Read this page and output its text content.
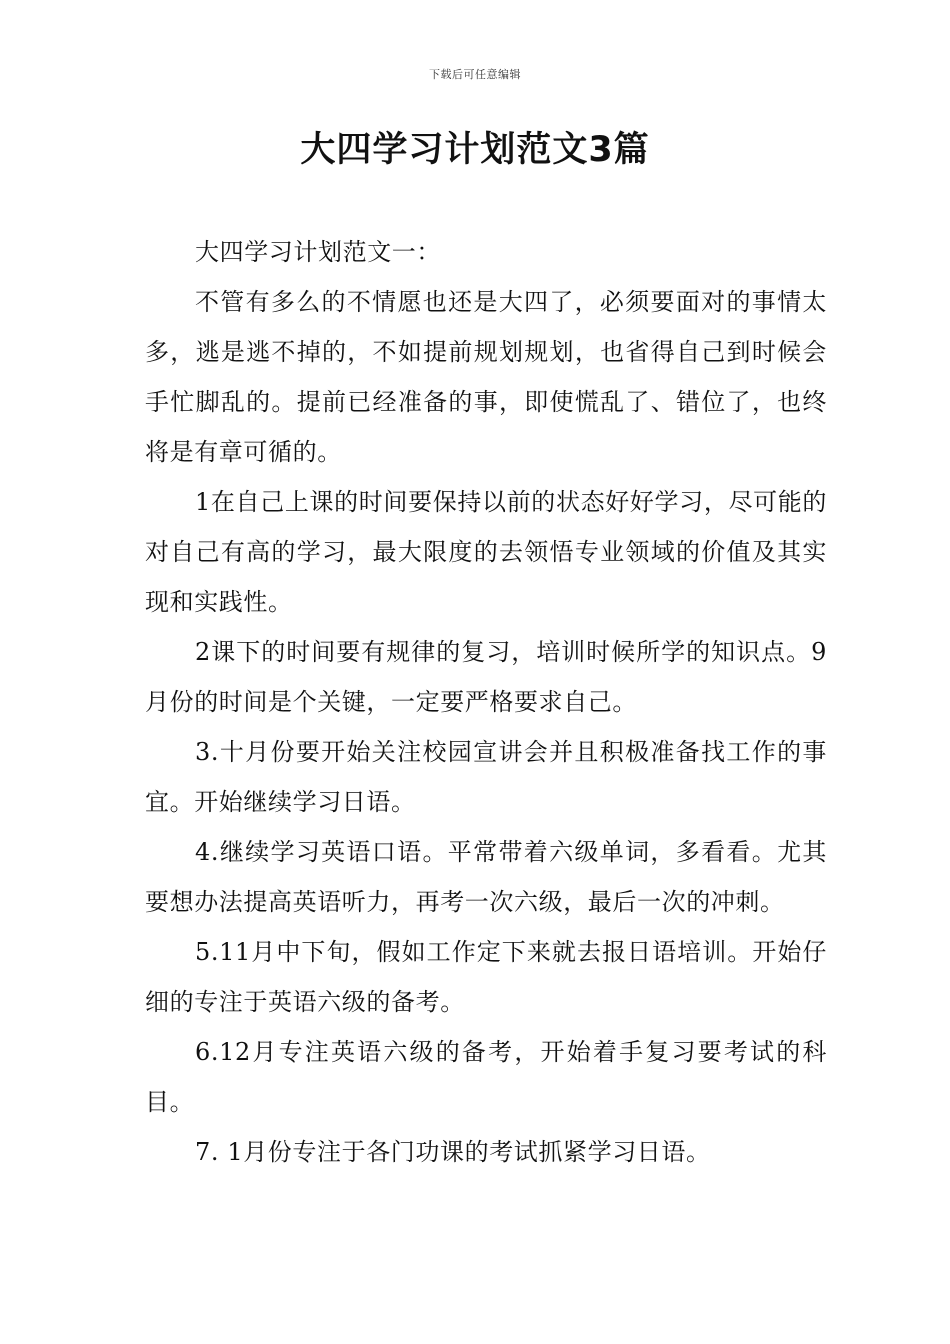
下载后可任意编辑
大四学习计划范文3篇

大四学习计划范文一：

不管有多么的不情愿也还是大四了，必须要面对的事情太多，逃是逃不掉的，不如提前规划规划，也省得自己到时候会手忙脚乱的。提前已经准备的事，即使慌乱了、错位了，也终将是有章可循的。

1在自己上课的时间要保持以前的状态好好学习，尽可能的对自己有高的学习，最大限度的去领悟专业领域的价值及其实现和实践性。

2课下的时间要有规律的复习，培训时候所学的知识点。9月份的时间是个关键，一定要严格要求自己。

3.十月份要开始关注校园宣讲会并且积极准备找工作的事宜。开始继续学习日语。

4.继续学习英语口语。平常带着六级单词，多看看。尤其要想办法提高英语听力，再考一次六级，最后一次的冲刺。

5.11月中下旬，假如工作定下来就去报日语培训。开始仔细的专注于英语六级的备考。

6.12月专注英语六级的备考，开始着手复习要考试的科目。

7. 1月份专注于各门功课的考试抓紧学习日语。
